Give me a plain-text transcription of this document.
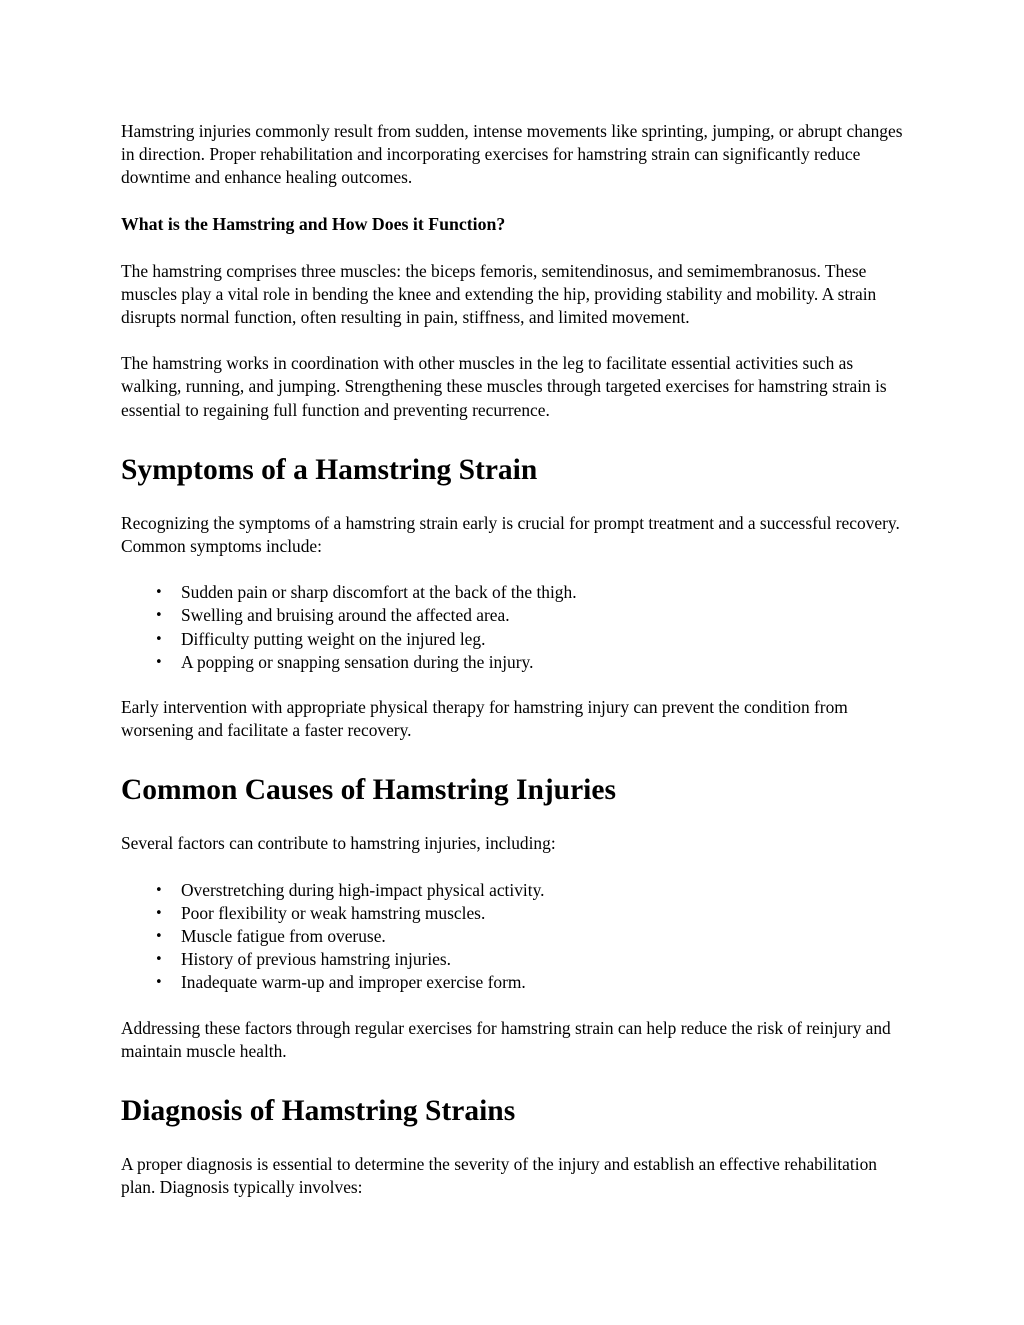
Hamstring injuries commonly result from sudden, intense movements like sprinting, jumping, or abrupt changes in direction. Proper rehabilitation and incorporating exercises for hamstring strain can significantly reduce downtime and enhance healing outcomes.

What is the Hamstring and How Does it Function?

The hamstring comprises three muscles: the biceps femoris, semitendinosus, and semimembranosus. These muscles play a vital role in bending the knee and extending the hip, providing stability and mobility. A strain disrupts normal function, often resulting in pain, stiffness, and limited movement.

The hamstring works in coordination with other muscles in the leg to facilitate essential activities such as walking, running, and jumping. Strengthening these muscles through targeted exercises for hamstring strain is essential to regaining full function and preventing recurrence.

Symptoms of a Hamstring Strain

Recognizing the symptoms of a hamstring strain early is crucial for prompt treatment and a successful recovery. Common symptoms include:

• Sudden pain or sharp discomfort at the back of the thigh.
• Swelling and bruising around the affected area.
• Difficulty putting weight on the injured leg.
• A popping or snapping sensation during the injury.

Early intervention with appropriate physical therapy for hamstring injury can prevent the condition from worsening and facilitate a faster recovery.

Common Causes of Hamstring Injuries

Several factors can contribute to hamstring injuries, including:

• Overstretching during high-impact physical activity.
• Poor flexibility or weak hamstring muscles.
• Muscle fatigue from overuse.
• History of previous hamstring injuries.
• Inadequate warm-up and improper exercise form.

Addressing these factors through regular exercises for hamstring strain can help reduce the risk of reinjury and maintain muscle health.

Diagnosis of Hamstring Strains

A proper diagnosis is essential to determine the severity of the injury and establish an effective rehabilitation plan. Diagnosis typically involves:
